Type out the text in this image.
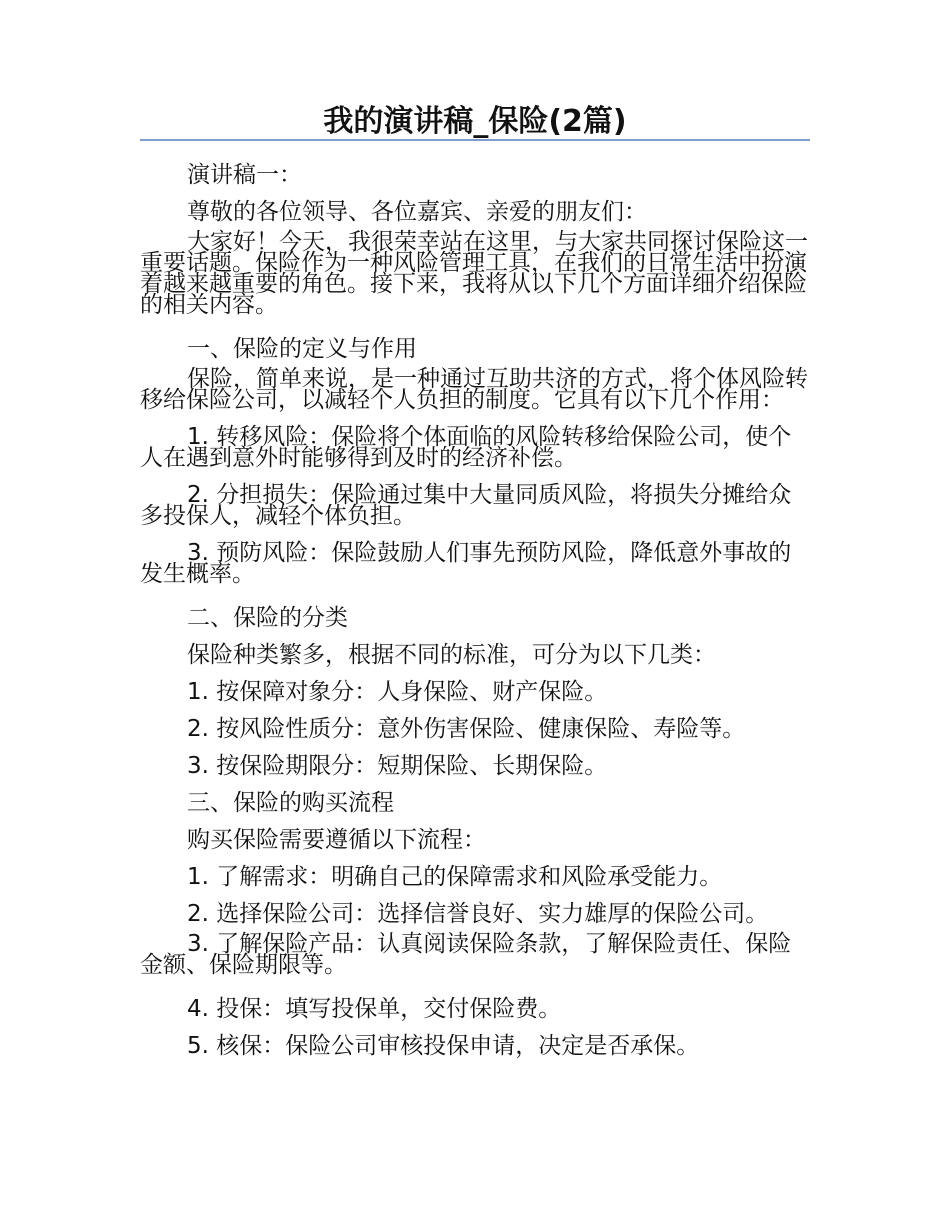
我的演讲稿_保险(2篇)

演讲稿一：

尊敬的各位领导、各位嘉宾、亲爱的朋友们：

大家好！今天，我很荣幸站在这里，与大家共同探讨保险这一重要话题。保险作为一种风险管理工具，在我们的日常生活中扮演着越来越重要的角色。接下来，我将从以下几个方面详细介绍保险的相关内容。

一、保险的定义与作用

保险，简单来说，是一种通过互助共济的方式，将个体风险转移给保险公司，以减轻个人负担的制度。它具有以下几个作用：

1. 转移风险：保险将个体面临的风险转移给保险公司，使个人在遇到意外时能够得到及时的经济补偿。

2. 分担损失：保险通过集中大量同质风险，将损失分摊给众多投保人，减轻个体负担。

3. 预防风险：保险鼓励人们事先预防风险，降低意外事故的发生概率。

二、保险的分类

保险种类繁多，根据不同的标准，可分为以下几类：

1. 按保障对象分：人身保险、财产保险。

2. 按风险性质分：意外伤害保险、健康保险、寿险等。

3. 按保险期限分：短期保险、长期保险。

三、保险的购买流程

购买保险需要遵循以下流程：

1. 了解需求：明确自己的保障需求和风险承受能力。

2. 选择保险公司：选择信誉良好、实力雄厚的保险公司。

3. 了解保险产品：认真阅读保险条款，了解保险责任、保险金额、保险期限等。

4. 投保：填写投保单，交付保险费。

5. 核保：保险公司审核投保申请，决定是否承保。
